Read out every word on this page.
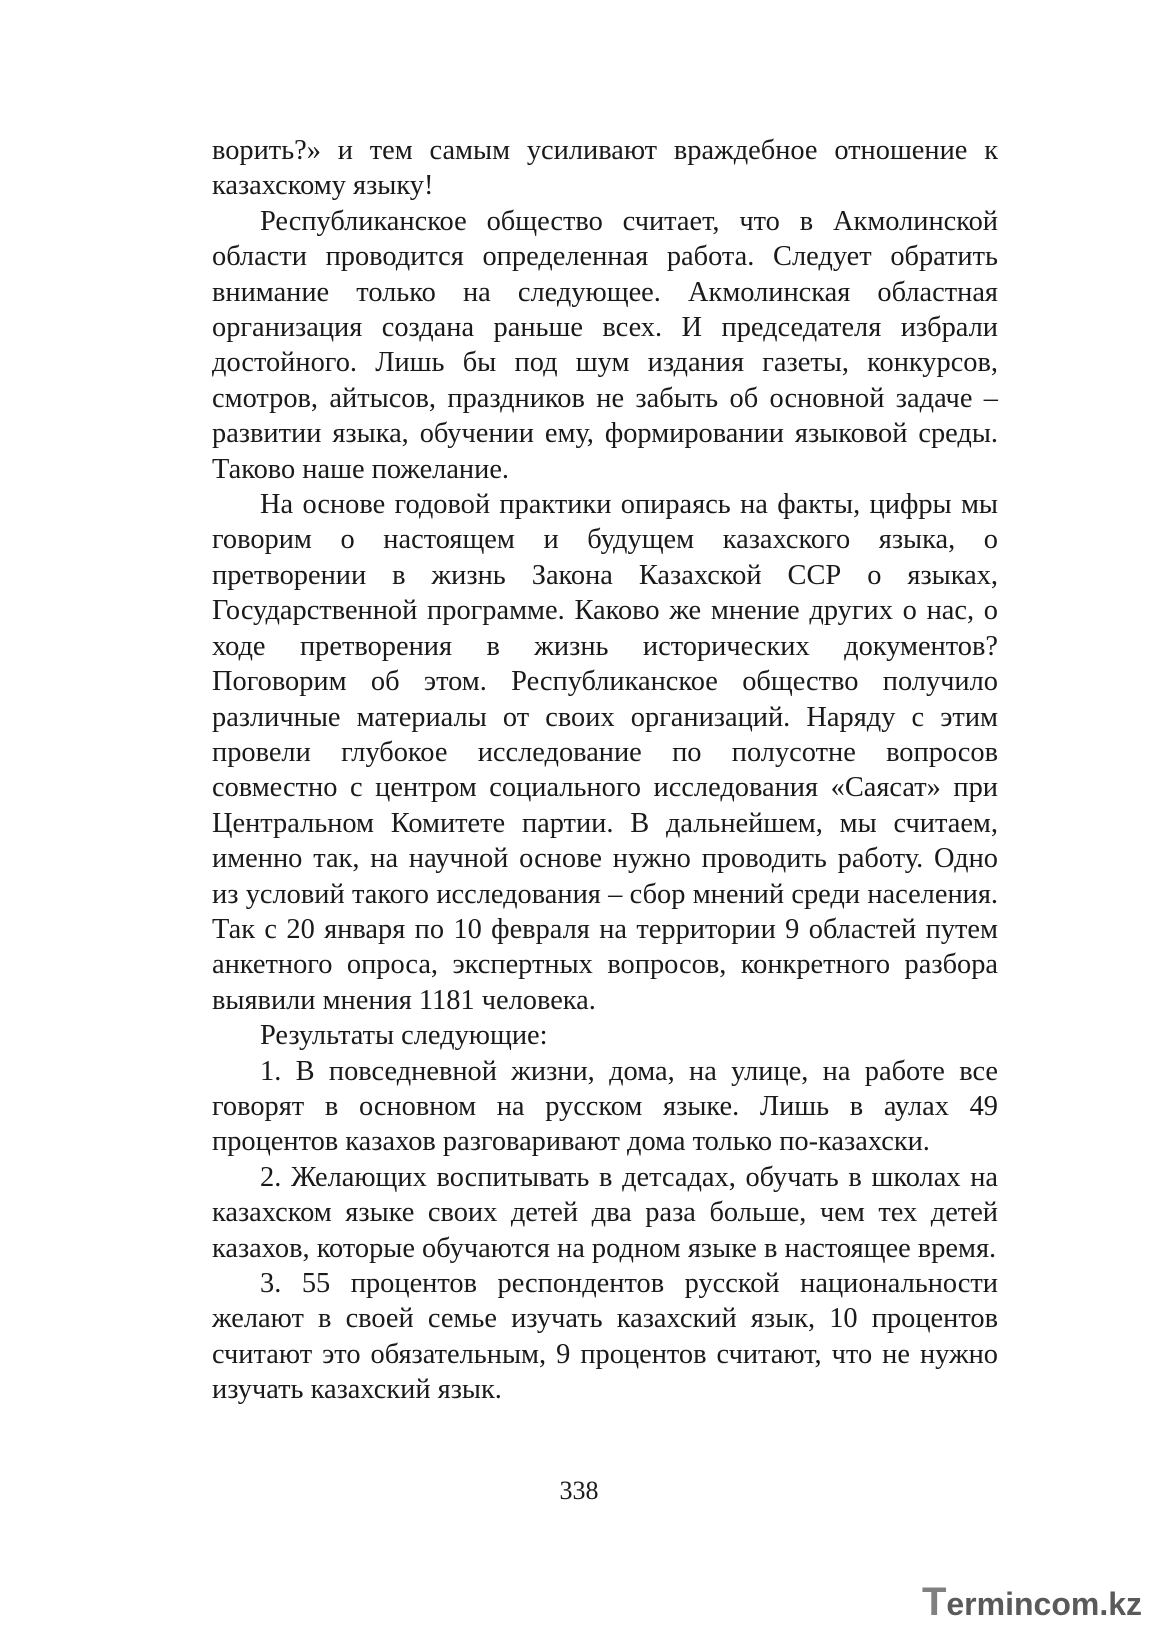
ворить?» и тем самым усиливают враждебное отношение к казахскому языку!

Республиканское общество считает, что в Акмолинской области проводится определенная работа. Следует обратить внимание только на следующее. Акмолинская областная организация создана раньше всех. И председателя избрали достойного. Лишь бы под шум издания газеты, конкурсов, смотров, айтысов, праздников не забыть об основной задаче – развитии языка, обучении ему, формировании языковой среды. Таково наше пожелание.

На основе годовой практики опираясь на факты, цифры мы говорим о настоящем и будущем казахского языка, о претворении в жизнь Закона Казахской ССР о языках, Государственной программе. Каково же мнение других о нас, о ходе претворения в жизнь исторических документов? Поговорим об этом. Республиканское общество получило различные материалы от своих организаций. Наряду с этим провели глубокое исследование по полусотне вопросов совместно с центром социального исследования «Саясат» при Центральном Комитете партии. В дальнейшем, мы считаем, именно так, на научной основе нужно проводить работу. Одно из условий такого исследования – сбор мнений среди населения. Так с 20 января по 10 февраля на территории 9 областей путем анкетного опроса, экспертных вопросов, конкретного разбора выявили мнения 1181 человека.

Результаты следующие:

1. В повседневной жизни, дома, на улице, на работе все говорят в основном на русском языке. Лишь в аулах 49 процентов казахов разговаривают дома только по-казахски.

2. Желающих воспитывать в детсадах, обучать в школах на казахском языке своих детей два раза больше, чем тех детей казахов, которые обучаются на родном языке в настоящее время.

3. 55 процентов респондентов русской национальности желают в своей семье изучать казахский язык, 10 процентов считают это обязательным, 9 процентов считают, что не нужно изучать казахский язык.

338
Termincom.kz
